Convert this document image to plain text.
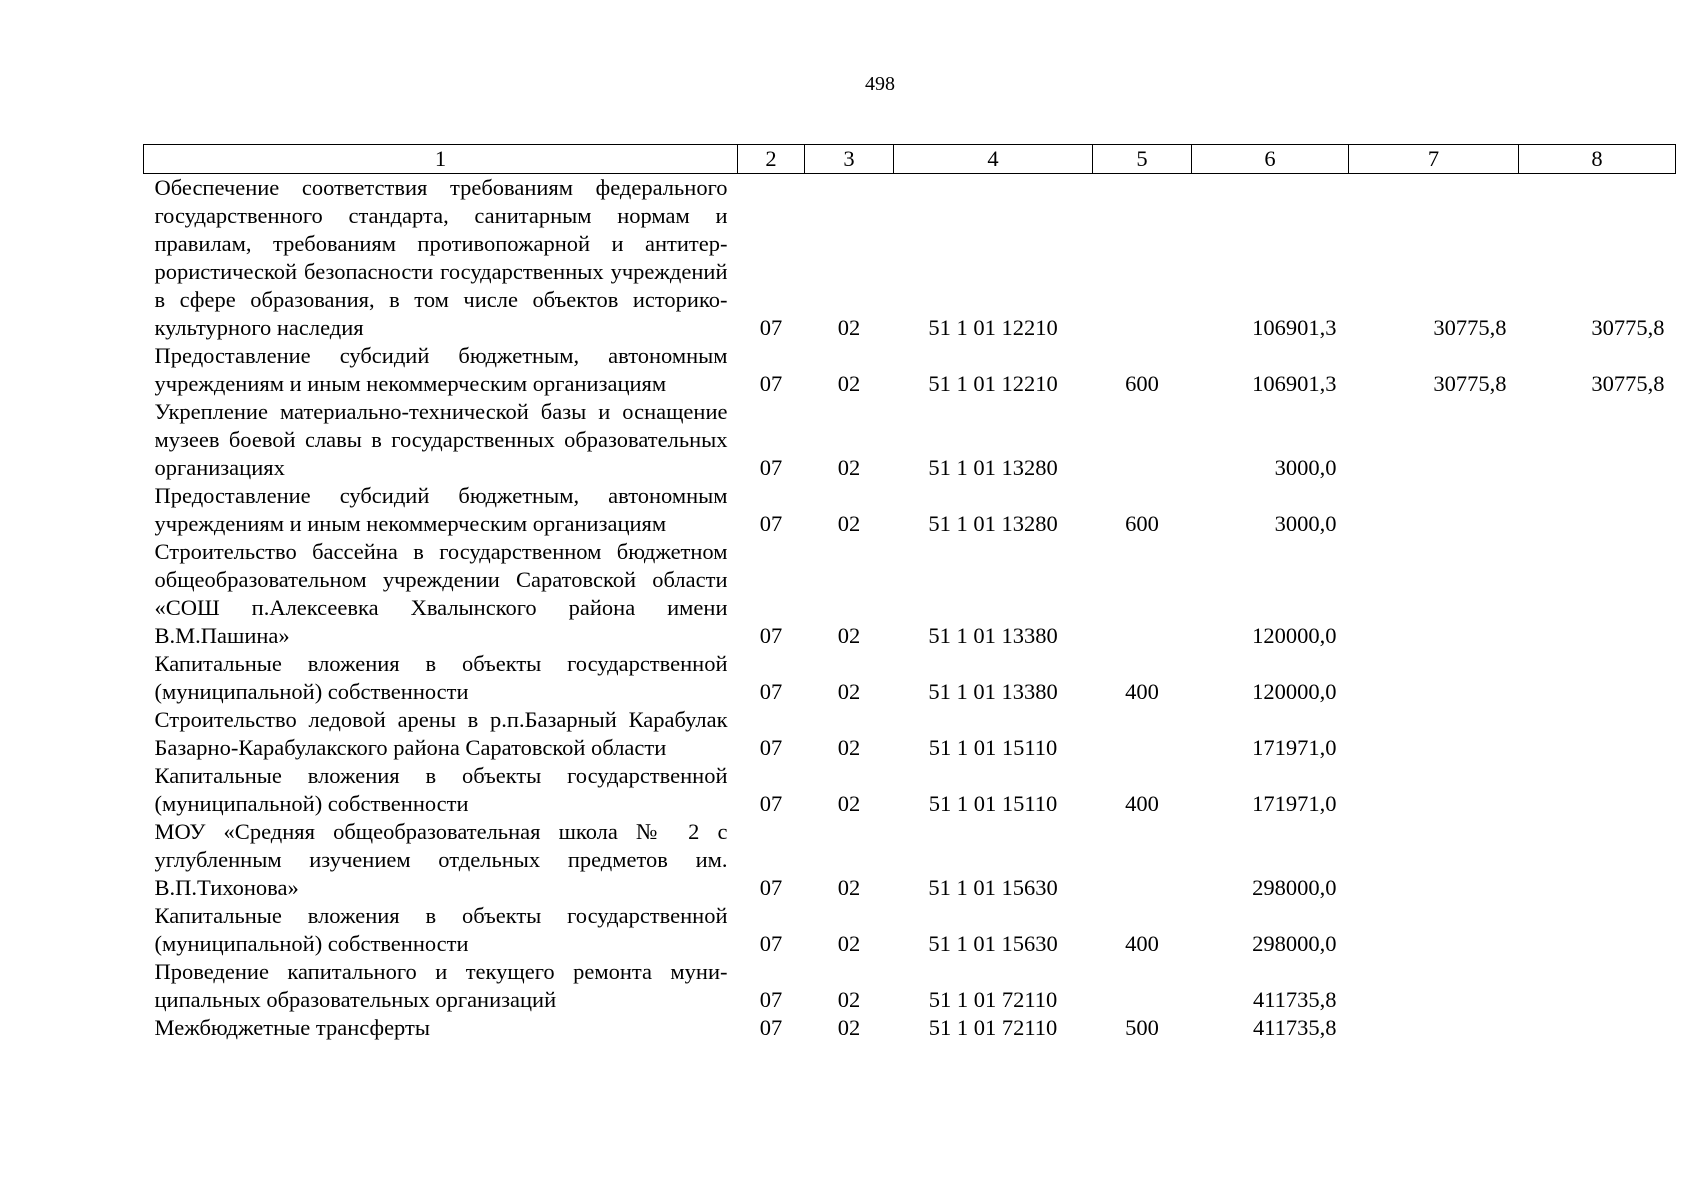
498
1	2	3	4	5	6	7	8
Обеспечение соответствия требованиям федерального государственного стандарта, санитарным нормам и правилам, требованиям противопожарной и антитеррористической безопасности государственных учреждений в сфере образования, в том числе объектов историко-культурного наследия	07	02	51 1 01 12210		106901,3	30775,8	30775,8
Предоставление субсидий бюджетным, автономным учреждениям и иным некоммерческим организациям	07	02	51 1 01 12210	600	106901,3	30775,8	30775,8
Укрепление материально-технической базы и оснащение музеев боевой славы в государственных образовательных организациях	07	02	51 1 01 13280		3000,0		
Предоставление субсидий бюджетным, автономным учреждениям и иным некоммерческим организациям	07	02	51 1 01 13280	600	3000,0		
Строительство бассейна в государственном бюджетном общеобразовательном учреждении Саратовской области «СОШ п.Алексеевка Хвалынского района имени В.М.Пашина»	07	02	51 1 01 13380		120000,0		
Капитальные вложения в объекты государственной (муниципальной) собственности	07	02	51 1 01 13380	400	120000,0		
Строительство ледовой арены в р.п.Базарный Карабулак Базарно-Карабулакского района Саратовской области	07	02	51 1 01 15110		171971,0		
Капитальные вложения в объекты государственной (муниципальной) собственности	07	02	51 1 01 15110	400	171971,0		
МОУ «Средняя общеобразовательная школа № 2 с углубленным изучением отдельных предметов им. В.П.Тихонова»	07	02	51 1 01 15630		298000,0		
Капитальные вложения в объекты государственной (муниципальной) собственности	07	02	51 1 01 15630	400	298000,0		
Проведение капитального и текущего ремонта муниципальных образовательных организаций	07	02	51 1 01 72110		411735,8		
Межбюджетные трансферты	07	02	51 1 01 72110	500	411735,8		
